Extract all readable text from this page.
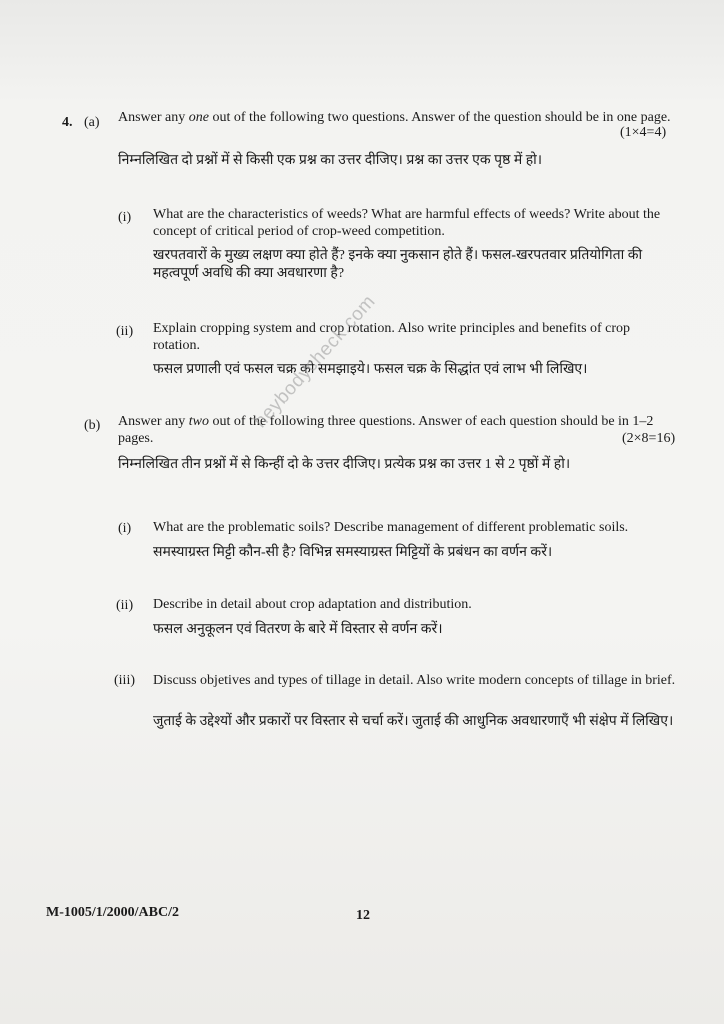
4. (a) Answer any one out of the following two questions. Answer of the question should be in one page.
(1×4=4)
निम्नलिखित दो प्रश्नों में से किसी एक प्रश्न का उत्तर दीजिए। प्रश्न का उत्तर एक पृष्ठ में हो।
(i) What are the characteristics of weeds? What are harmful effects of weeds? Write about the concept of critical period of crop-weed competition.
खरपतवारों के मुख्य लक्षण क्या होते हैं? इनके क्या नुकसान होते हैं। फसल-खरपतवार प्रतियोगिता की महत्वपूर्ण अवधि की क्या अवधारणा है?
(ii) Explain cropping system and crop rotation. Also write principles and benefits of crop rotation.
फसल प्रणाली एवं फसल चक्र को समझाइये। फसल चक्र के सिद्धांत एवं लाभ भी लिखिए।
(b) Answer any two out of the following three questions. Answer of each question should be in 1–2 pages.	(2×8=16)
निम्नलिखित तीन प्रश्नों में से किन्हीं दो के उत्तर दीजिए। प्रत्येक प्रश्न का उत्तर 1 से 2 पृष्ठों में हो।
(i) What are the problematic soils? Describe management of different problematic soils.
समस्याग्रस्त मिट्टी कौन-सी है? विभिन्न समस्याग्रस्त मिट्टियों के प्रबंधन का वर्णन करें।
(ii) Describe in detail about crop adaptation and distribution.
फसल अनुकूलन एवं वितरण के बारे में विस्तार से वर्णन करें।
(iii) Discuss objetives and types of tillage in detail. Also write modern concepts of tillage in brief.
जुताई के उद्देश्यों और प्रकारों पर विस्तार से चर्चा करें। जुताई की आधुनिक अवधारणाएँ भी संक्षेप में लिखिए।
heybodycheck.com
M-1005/1/2000/ABC/2	12
